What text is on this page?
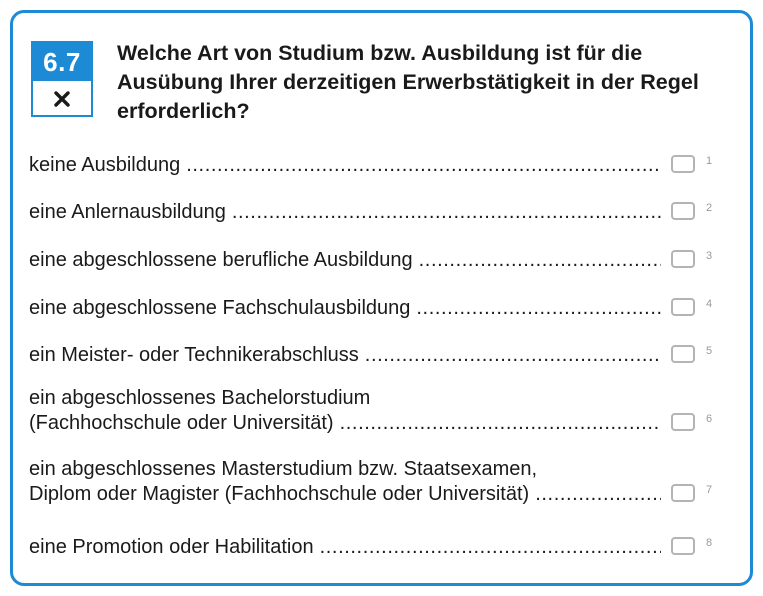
6.7	Welche Art von Studium bzw. Ausbildung ist für die Ausübung Ihrer derzeitigen Erwerbstätigkeit in der Regel erforderlich?
keine Ausbildung .....	1
eine Anlernausbildung .....	2
eine abgeschlossene berufliche Ausbildung .....	3
eine abgeschlossene Fachschulausbildung .....	4
ein Meister- oder Technikerabschluss .....	5
ein abgeschlossenes Bachelorstudium
(Fachhochschule oder Universität) .....	6
ein abgeschlossenes Masterstudium bzw. Staatsexamen,
Diplom oder Magister (Fachhochschule oder Universität) .....	7
eine Promotion oder Habilitation .....	8
